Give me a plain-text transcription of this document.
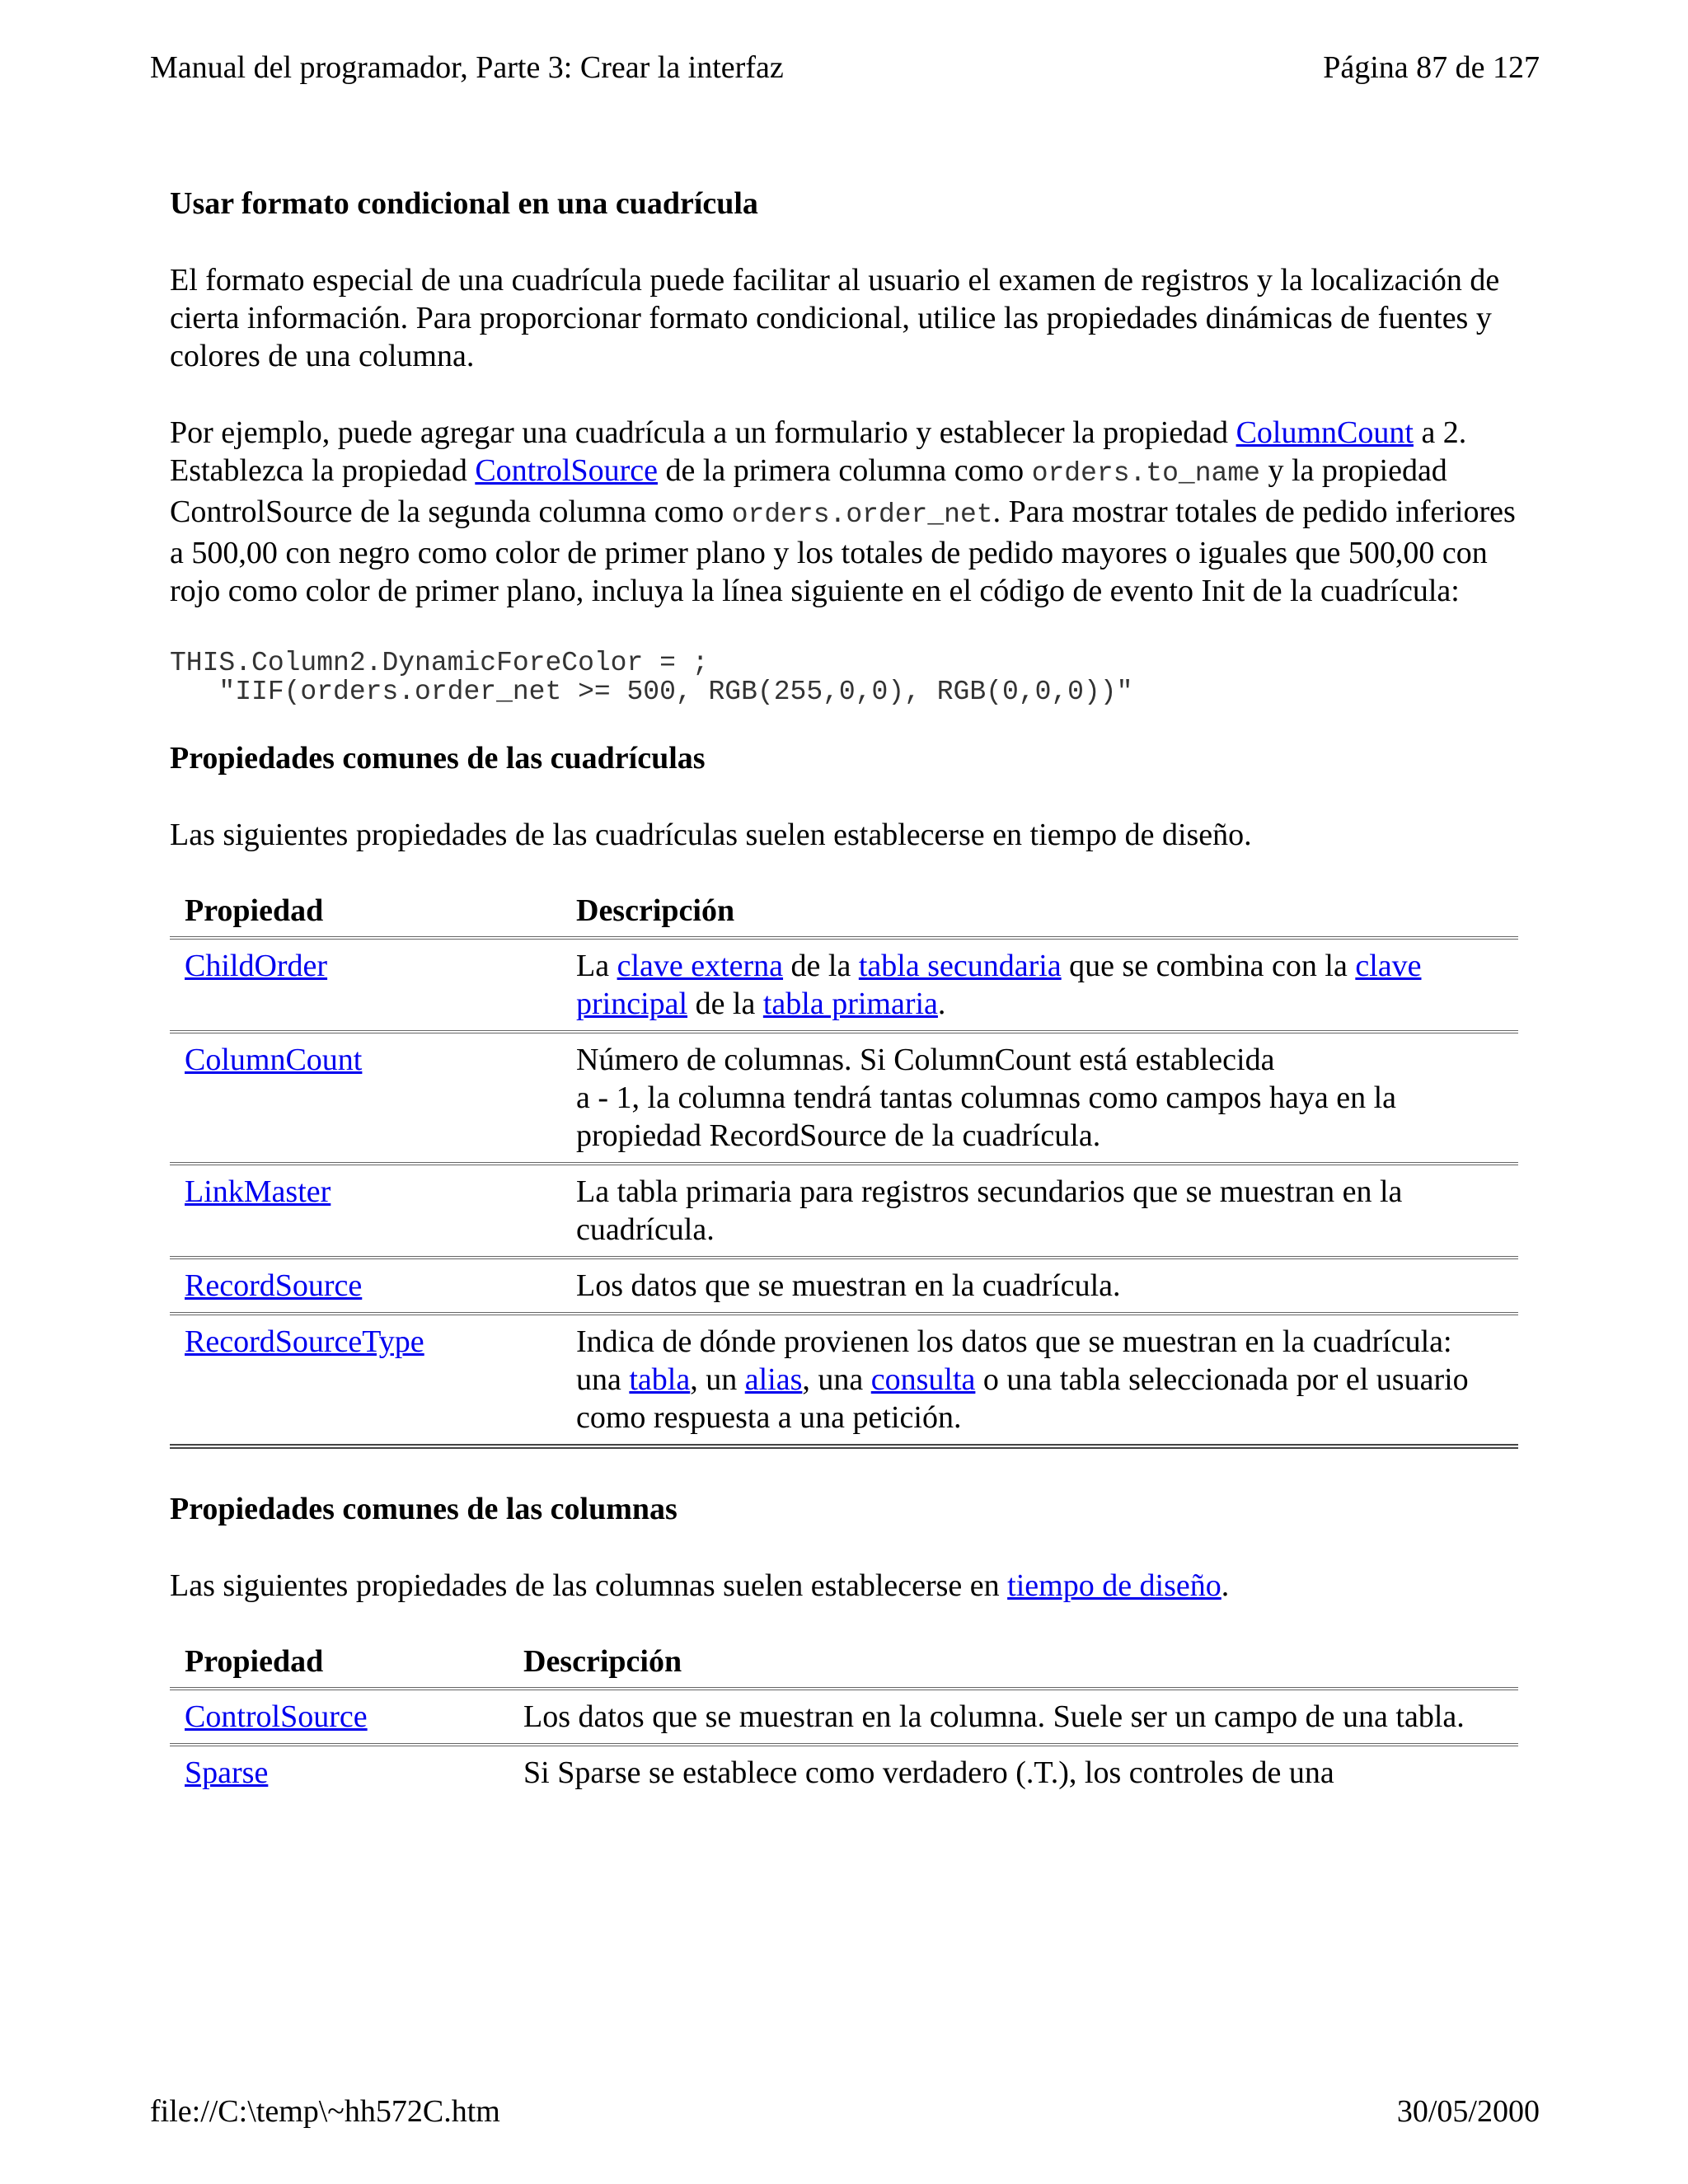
Manual del programador, Parte 3: Crear la interfaz	Página 87 de 127
Usar formato condicional en una cuadrícula

El formato especial de una cuadrícula puede facilitar al usuario el examen de registros y la localización de cierta información. Para proporcionar formato condicional, utilice las propiedades dinámicas de fuentes y colores de una columna.

Por ejemplo, puede agregar una cuadrícula a un formulario y establecer la propiedad ColumnCount a 2. Establezca la propiedad ControlSource de la primera columna como orders.to_name y la propiedad ControlSource de la segunda columna como orders.order_net. Para mostrar totales de pedido inferiores a 500,00 con negro como color de primer plano y los totales de pedido mayores o iguales que 500,00 con rojo como color de primer plano, incluya la línea siguiente en el código de evento Init de la cuadrícula:

THIS.Column2.DynamicForeColor = ;
"IIF(orders.order_net >= 500, RGB(255,0,0), RGB(0,0,0))"
Propiedades comunes de las cuadrículas

Las siguientes propiedades de las cuadrículas suelen establecerse en tiempo de diseño.

Propiedad	Descripción
ChildOrder	La clave externa de la tabla secundaria que se combina con la clave principal de la tabla primaria.
ColumnCount	Número de columnas. Si ColumnCount está establecida
a - 1, la columna tendrá tantas columnas como campos haya en la propiedad RecordSource de la cuadrícula.

LinkMaster	La tabla primaria para registros secundarios que se muestran en la cuadrícula.
RecordSource	Los datos que se muestran en la cuadrícula.
RecordSourceType	Indica de dónde provienen los datos que se muestran en la cuadrícula: una tabla, un alias, una consulta o una tabla seleccionada por el usuario como respuesta a una petición.
Propiedades comunes de las columnas

Las siguientes propiedades de las columnas suelen establecerse en tiempo de diseño.

Propiedad	Descripción
ControlSource	Los datos que se muestran en la columna. Suele ser un campo de una tabla.
Sparse	Si Sparse se establece como verdadero (.T.), los controles de una
file://C:\temp\~hh572C.htm	30/05/2000
